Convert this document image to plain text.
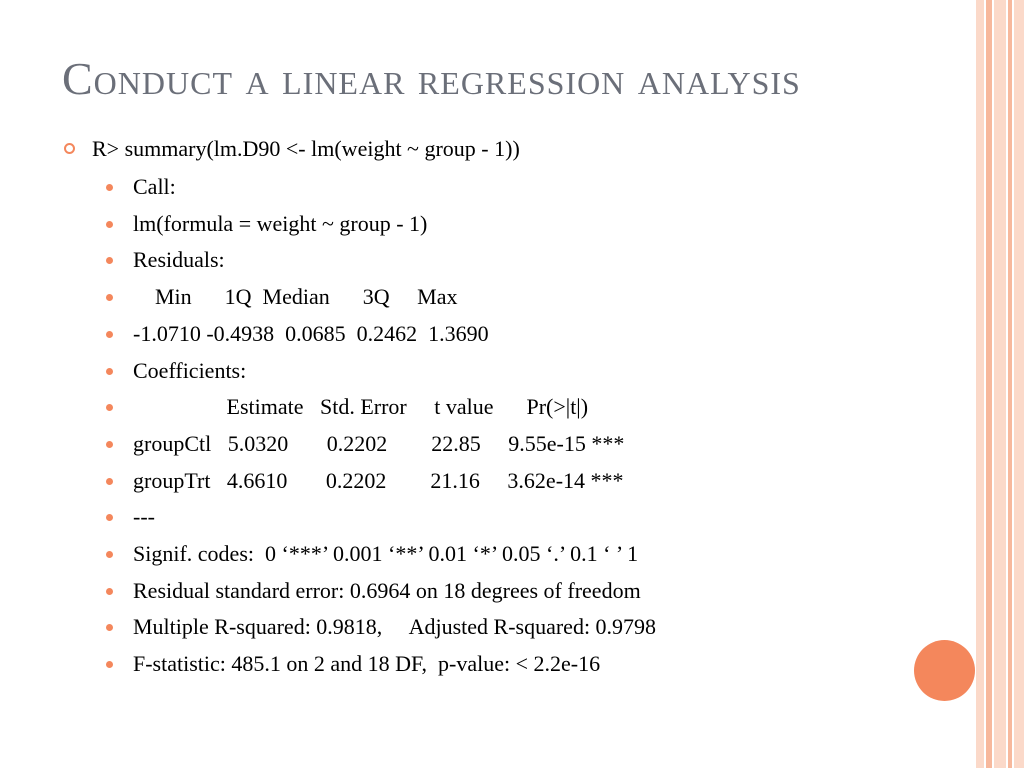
Conduct a linear regression analysis
R> summary(lm.D90 <- lm(weight ~ group - 1))
Call:
lm(formula = weight ~ group - 1)
Residuals:
Min      1Q  Median      3Q     Max
-1.0710 -0.4938  0.0685  0.2462  1.3690
Coefficients:
Estimate   Std. Error     t value      Pr(>|t|)
groupCtl   5.0320       0.2202        22.85     9.55e-15 ***
groupTrt   4.6610       0.2202        21.16     3.62e-14 ***
---
Signif. codes:  0 ‘***’ 0.001 ‘**’ 0.01 ‘*’ 0.05 ‘.’ 0.1 ‘ ’ 1
Residual standard error: 0.6964 on 18 degrees of freedom
Multiple R-squared: 0.9818,     Adjusted R-squared: 0.9798
F-statistic: 485.1 on 2 and 18 DF,  p-value: < 2.2e-16
